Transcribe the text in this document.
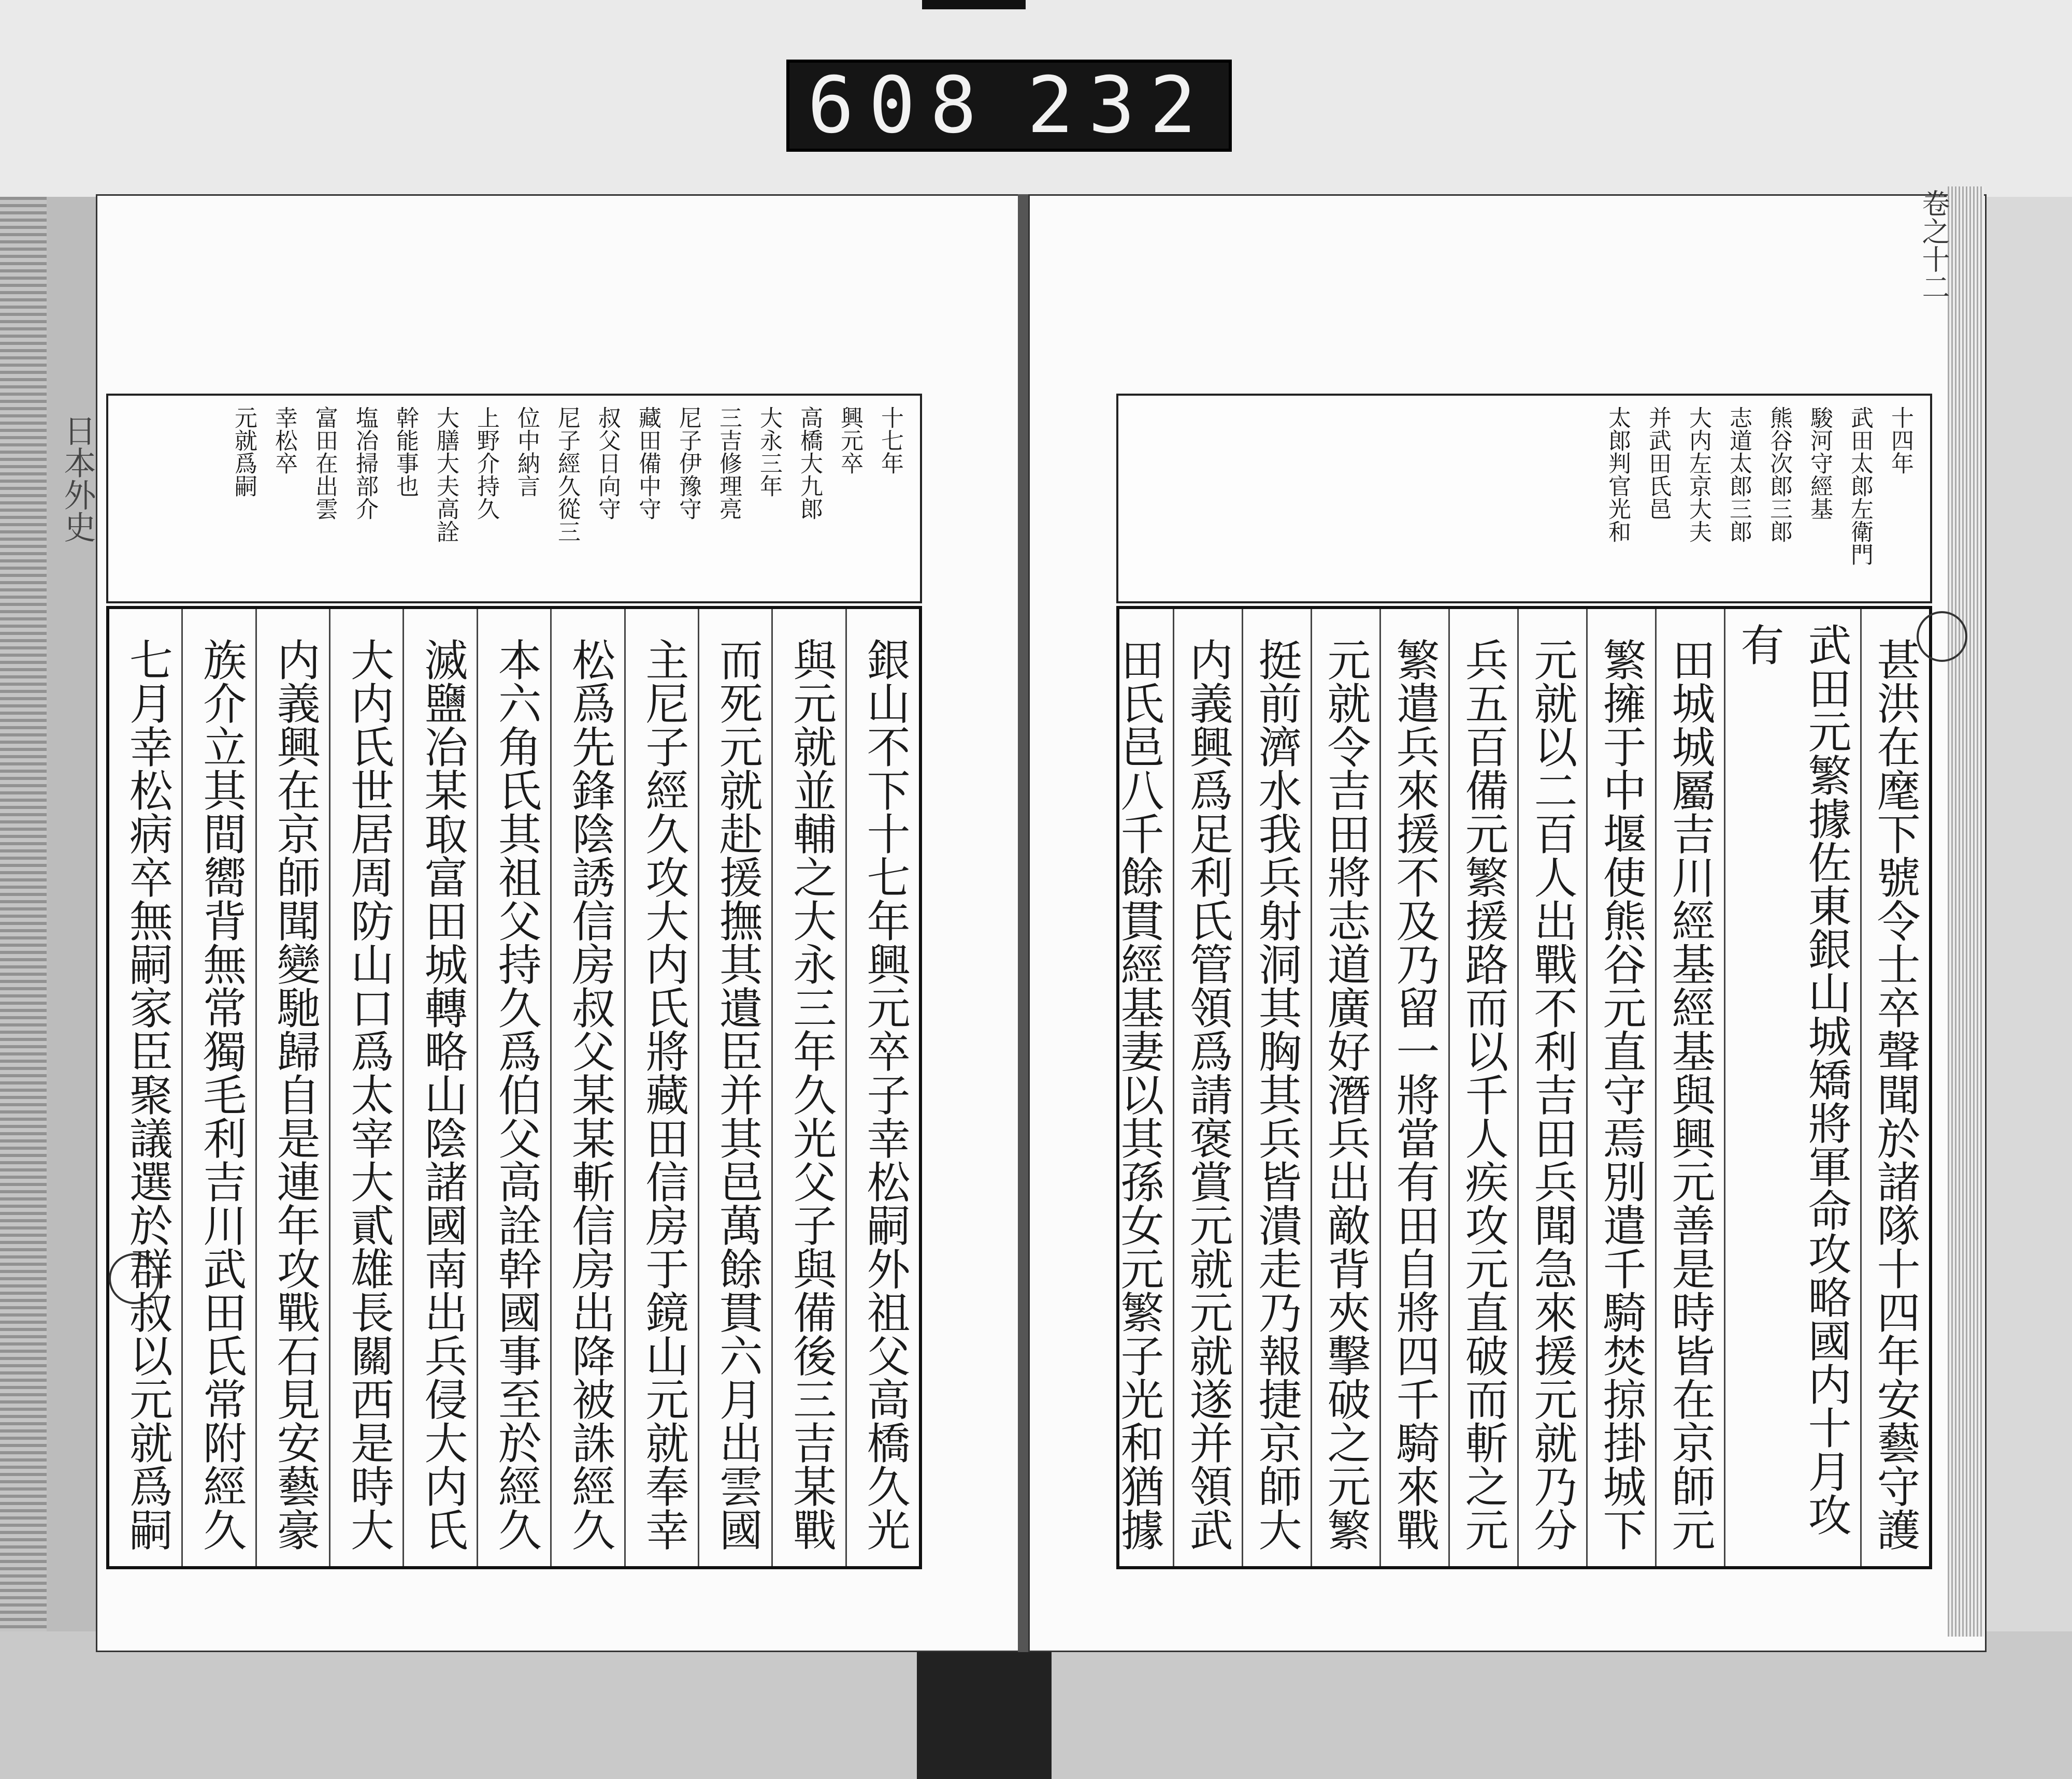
608 232
日本外史
卷之十二
十七年
興元卒
高橋大九郎
大永三年
三吉修理亮
尼子伊豫守
藏田備中守
叔父日向守
尼子經久從三
位中納言
上野介持久
大膳大夫高詮
幹能事也
塩冶掃部介
富田在出雲
幸松卒
元就爲嗣	十四年
武田太郎左衛門
駿河守經基
熊谷次郎三郎
志道太郎三郎
大内左京大夫
并武田氏邑
太郎判官光和
銀山不下十七年興元卒子幸松嗣外祖父高橋久光
與元就並輔之大永三年久光父子與備後三吉某戰
而死元就赴援撫其遺臣并其邑萬餘貫六月出雲國
主尼子經久攻大内氏將藏田信房于鏡山元就奉幸
松爲先鋒陰誘信房叔父某某斬信房出降被誅經久
本六角氏其祖父持久爲伯父高詮幹國事至於經久
滅鹽冶某取富田城轉略山陰諸國南出兵侵大内氏
大内氏世居周防山口爲太宰大貳雄長關西是時大
内義興在京師聞變馳歸自是連年攻戰石見安藝豪
族介立其間嚮背無常獨毛利吉川武田氏常附經久
七月幸松病卒無嗣家臣聚議選於群叔以元就爲嗣	甚洪在麾下號令士卒聲聞於諸隊十四年安藝守護
武田元繁據佐東銀山城矯將軍命攻略國内十月攻有
田城城屬吉川經基經基與興元善是時皆在京師元
繁擁于中堰使熊谷元直守焉別遣千騎焚掠掛城下
元就以二百人出戰不利吉田兵聞急來援元就乃分
兵五百備元繁援路而以千人疾攻元直破而斬之元
繁遣兵來援不及乃留一將當有田自將四千騎來戰
元就令吉田將志道廣好潛兵出敵背夾擊破之元繁
挺前濟水我兵射洞其胸其兵皆潰走乃報捷京師大
内義興爲足利氏管領爲請褒賞元就元就遂并領武
田氏邑八千餘貫經基妻以其孫女元繁子光和猶據
